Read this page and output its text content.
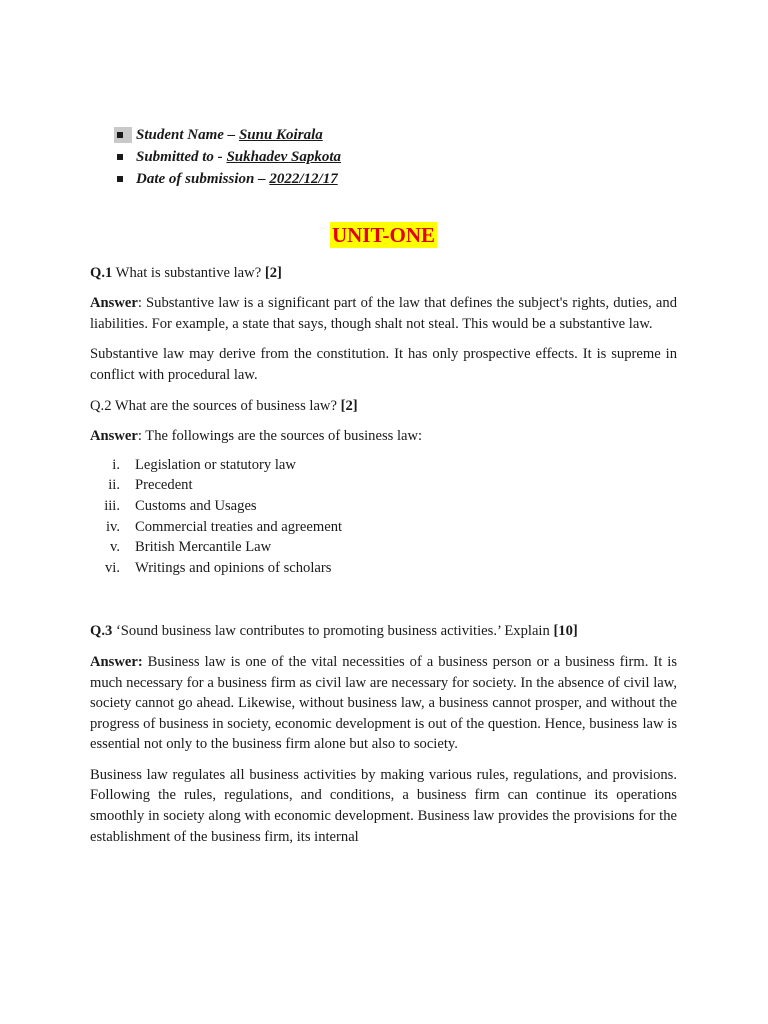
Student Name – Sunu Koirala
Submitted to - Sukhadev Sapkota
Date of submission – 2022/12/17
UNIT-ONE

Q.1 What is substantive law? [2]

Answer: Substantive law is a significant part of the law that defines the subject's rights, duties, and liabilities. For example, a state that says, though shalt not steal. This would be a substantive law.

Substantive law may derive from the constitution. It has only prospective effects. It is supreme in conflict with procedural law.

Q.2 What are the sources of business law? [2]

Answer: The followings are the sources of business law:

i. Legislation or statutory law
ii. Precedent
iii. Customs and Usages
iv. Commercial treaties and agreement
v. British Mercantile Law
vi. Writings and opinions of scholars

Q.3 ‘Sound business law contributes to promoting business activities.’ Explain [10]

Answer: Business law is one of the vital necessities of a business person or a business firm. It is much necessary for a business firm as civil law are necessary for society. In the absence of civil law, society cannot go ahead. Likewise, without business law, a business cannot prosper, and without the progress of business in society, economic development is out of the question. Hence, business law is essential not only to the business firm alone but also to society.

Business law regulates all business activities by making various rules, regulations, and provisions. Following the rules, regulations, and conditions, a business firm can continue its operations smoothly in society along with economic development. Business law provides the provisions for the establishment of the business firm, its internal
